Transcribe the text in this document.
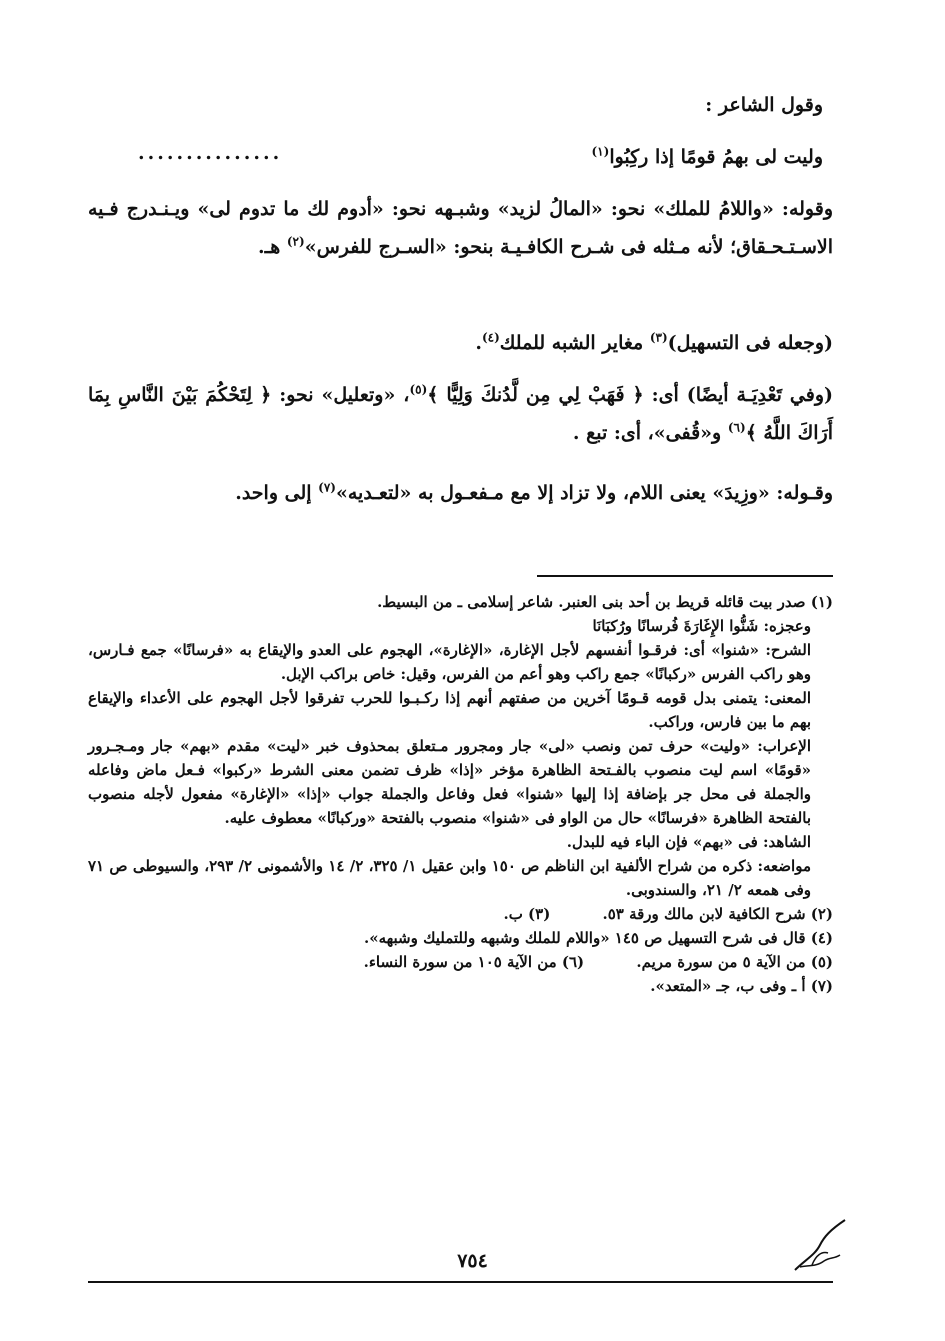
وقول الشاعر :

وليت لى بهمُ قومًا إذا ركِبُوا$^{(١)}$

...............

وقوله: «واللامُ للملك» نحو: «المالُ لزيد» وشبـهه نحو: «أدوم لك ما تدوم لى» ويـنـدرج فـيه الاسـتـحـقاق؛ لأنه مـثله فى شـرح الكافـيـة بنحو: «السـرج للفرس»$^{(٢)}$ هـ.

(وجعله فى التسهيل)$^{(٣)}$ مغاير الشبه للملك$^{(٤)}$.

(وفي تَعْدِيَـة أيضًا) أى: ﴿ فَهَبْ لِي مِن لَّدُنكَ وَلِيًّا ﴾$^{(٥)}$، «وتعليل» نحو: ﴿ لِتَحْكُمَ بَيْنَ النَّاسِ بِمَا أَرَاكَ اللَّهُ ﴾$^{(٦)}$ و«قُفى»، أى: تبع .

وقـوله: «وزِيدَ» يعنى اللام، ولا تزاد إلا مع مـفعـول به «لتعـديه»$^{(٧)}$ إلى واحد.

(١) صدر بيت قائله قريط بن أحد بنى العنبر. شاعر إسلامى ـ من البسيط.

وعجزه: شَنُّوا الإِغَارَةَ فُرسانًا ورُكبَانَا

الشرح: «شنوا» أى: فرقـوا أنفسهم لأجل الإغارة، «الإغارة»، الهجوم على العدو والإيقاع به «فرسانًا» جمع فـارس، وهو راكب الفرس «ركبانًا» جمع راكب وهو أعم من الفرس، وقيل: خاص براكب الإبل.

المعنى: يتمنى بدل قومه قـومًا آخرين من صفتهم أنهم إذا ركـبـوا للحرب تفرقوا لأجل الهجوم على الأعداء والإيقاع بهم ما بين فارس، وراكب.

الإعراب: «وليت» حرف تمن ونصب «لى» جار ومجرور مـتعلق بمحذوف خبر «ليت» مقدم «بهم» جار ومـجـرور «قومًا» اسم ليت منصوب بالفـتحة الظاهرة مؤخر «إذا» ظرف تضمن معنى الشرط «ركبوا» فـعل ماض وفاعله والجملة فى محل جر بإضافة إذا إليها «شنوا» فعل وفاعل والجملة جواب «إذا» «الإغارة» مفعول لأجله منصوب بالفتحة الظاهرة «فرسانًا» حال من الواو فى «شنوا» منصوب بالفتحة «وركبانًا» معطوف عليه.

الشاهد: فى «بهم» فإن الباء فيه للبدل.

مواضعه: ذكره من شراح الألفية ابن الناظم ص ١٥٠ وابن عقيل ١/ ٣٢٥، ٢/ ١٤ والأشمونى ٢/ ٢٩٣، والسيوطى ص ٧١ وفى همعه ٢/ ٢١، والسندوبى.

(٢) شرح الكافية لابن مالك ورقة ٥٣.          (٣) ب.

(٤) قال فى شرح التسهيل ص ١٤٥ «واللام للملك وشبهه وللتمليك وشبهه».

(٥) من الآية ٥ من سورة مريم.          (٦) من الآية ١٠٥ من سورة النساء.

(٧) أ ـ وفى ب، جـ «المتعد».

٧٥٤
